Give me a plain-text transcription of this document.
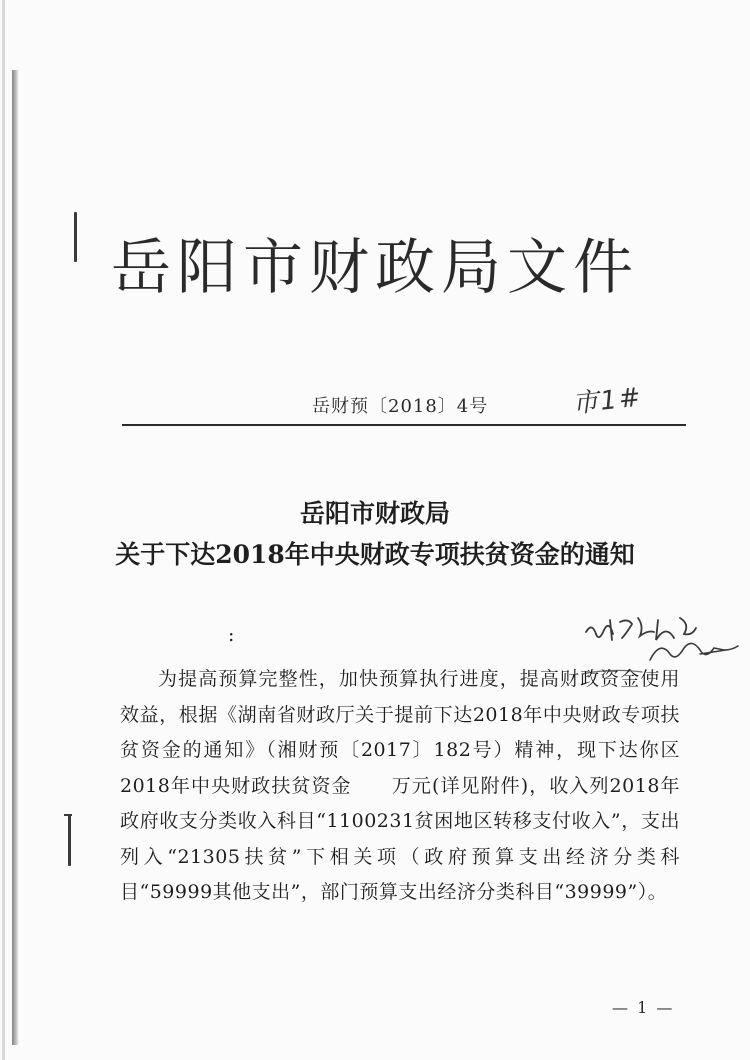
岳阳市财政局文件
岳财预〔2018〕4号	市1#
岳阳市财政局
关于下达2018年中央财政专项扶贫资金的通知
:

为提高预算完整性，加快预算执行进度，提高财政资金使用效益，根据《湖南省财政厅关于提前下达2018年中央财政专项扶贫资金的通知》（湘财预〔2017〕182号）精神，现下达你区2018年中央财政扶贫资金　　万元(详见附件)，收入列2018年政府收支分类收入科目“1100231贫困地区转移支付收入”，支出列入“21305扶贫”下相关项（政府预算支出经济分类科目“59999其他支出”，部门预算支出经济分类科目“39999”）。

— 1 —
